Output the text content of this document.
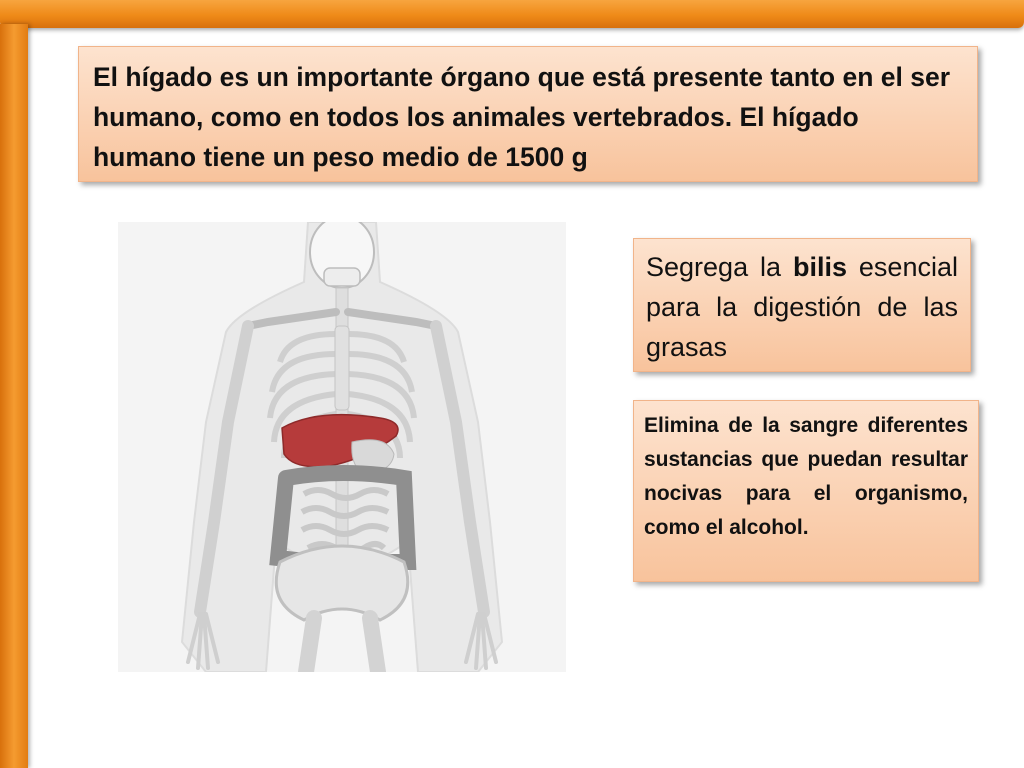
El hígado es un importante órgano que está presente tanto en el ser humano, como en todos los animales vertebrados. El hígado humano tiene un peso medio de 1500 g
Segrega la bilis esencial para la digestión de las grasas
Elimina de la sangre diferentes sustancias que puedan resultar nocivas para el organismo, como el alcohol.
